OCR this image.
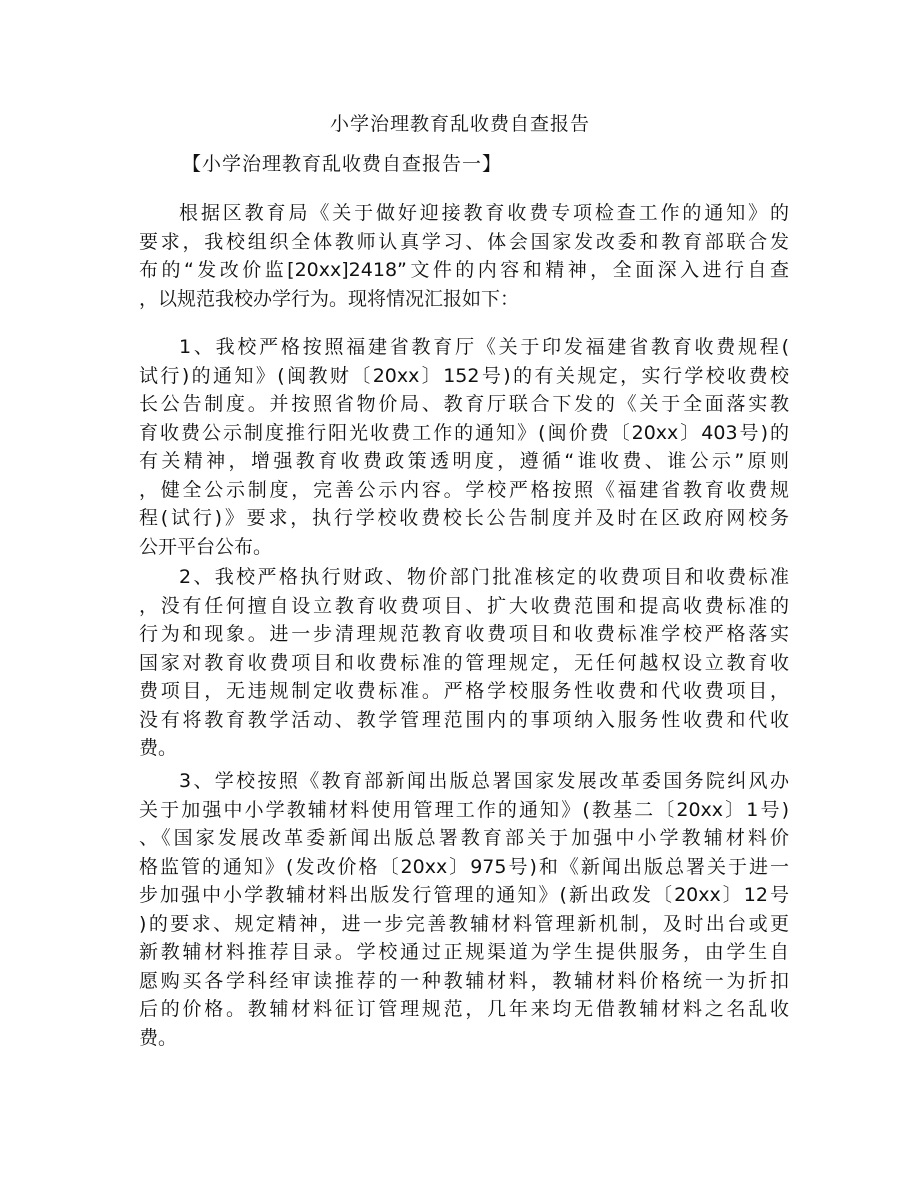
小学治理教育乱收费自查报告
【小学治理教育乱收费自查报告一】
根据区教育局《关于做好迎接教育收费专项检查工作的通知》的
要求，我校组织全体教师认真学习、体会国家发改委和教育部联合发
布的“发改价监[20xx]2418”文件的内容和精神，全面深入进行自查
，以规范我校办学行为。现将情况汇报如下：
1、我校严格按照福建省教育厅《关于印发福建省教育收费规程(
试行)的通知》(闽教财〔20xx〕152号)的有关规定，实行学校收费校
长公告制度。并按照省物价局、教育厅联合下发的《关于全面落实教
育收费公示制度推行阳光收费工作的通知》(闽价费〔20xx〕403号)的
有关精神，增强教育收费政策透明度，遵循“谁收费、谁公示”原则
，健全公示制度，完善公示内容。学校严格按照《福建省教育收费规
程(试行)》要求，执行学校收费校长公告制度并及时在区政府网校务
公开平台公布。
2、我校严格执行财政、物价部门批准核定的收费项目和收费标准
，没有任何擅自设立教育收费项目、扩大收费范围和提高收费标准的
行为和现象。进一步清理规范教育收费项目和收费标准学校严格落实
国家对教育收费项目和收费标准的管理规定，无任何越权设立教育收
费项目，无违规制定收费标准。严格学校服务性收费和代收费项目，
没有将教育教学活动、教学管理范围内的事项纳入服务性收费和代收
费。
3、学校按照《教育部新闻出版总署国家发展改革委国务院纠风办
关于加强中小学教辅材料使用管理工作的通知》(教基二〔20xx〕1号)
、《国家发展改革委新闻出版总署教育部关于加强中小学教辅材料价
格监管的通知》(发改价格〔20xx〕975号)和《新闻出版总署关于进一
步加强中小学教辅材料出版发行管理的通知》(新出政发〔20xx〕12号
)的要求、规定精神，进一步完善教辅材料管理新机制，及时出台或更
新教辅材料推荐目录。学校通过正规渠道为学生提供服务，由学生自
愿购买各学科经审读推荐的一种教辅材料，教辅材料价格统一为折扣
后的价格。教辅材料征订管理规范，几年来均无借教辅材料之名乱收
费。
